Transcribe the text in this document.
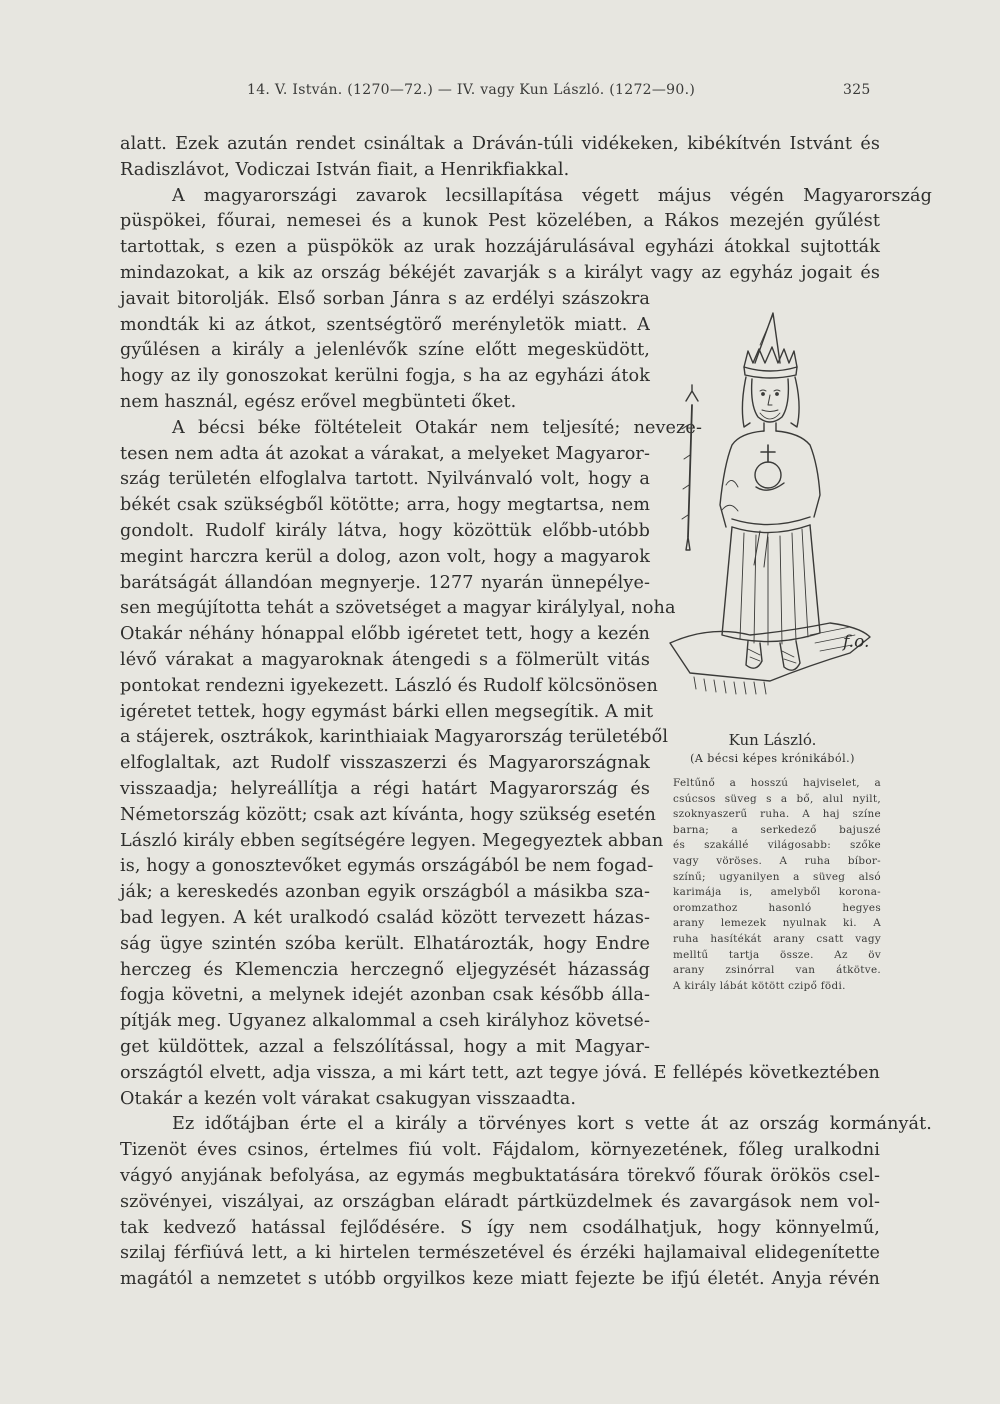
14. V. István. (1270—72.) — IV. vagy Kun László. (1272—90.)	325
alatt. Ezek azután rendet csináltak a Dráván-túli vidékeken, kibékítvén Istvánt és
Radiszlávot, Vodiczai István fiait, a Henrikfiakkal.
A magyarországi zavarok lecsillapítása végett május végén Magyarország
püspökei, főurai, nemesei és a kunok Pest közelében, a Rákos mezején gyűlést
tartottak, s ezen a püspökök az urak hozzájárulásával egyházi átokkal sujtották
mindazokat, a kik az ország békéjét zavarják s a királyt vagy az egyház jogait és
javait bitorolják. Első sorban Jánra s az erdélyi szászokra
mondták ki az átkot, szentségtörő merényletök miatt. A
gyűlésen a király a jelenlévők színe előtt megesküdött,
hogy az ily gonoszokat kerülni fogja, s ha az egyházi átok
nem használ, egész erővel megbünteti őket.
A bécsi béke föltételeit Otakár nem teljesíté; neveze-
tesen nem adta át azokat a várakat, a melyeket Magyaror-
szág területén elfoglalva tartott. Nyilvánvaló volt, hogy a
békét csak szükségből kötötte; arra, hogy megtartsa, nem
gondolt. Rudolf király látva, hogy közöttük előbb-utóbb
megint harczra kerül a dolog, azon volt, hogy a magyarok
barátságát állandóan megnyerje. 1277 nyarán ünnepélye-
sen megújította tehát a szövetséget a magyar királylyal, noha
Otakár néhány hónappal előbb igéretet tett, hogy a kezén
lévő várakat a magyaroknak átengedi s a fölmerült vitás
pontokat rendezni igyekezett. László és Rudolf kölcsönösen
igéretet tettek, hogy egymást bárki ellen megsegítik. A mit
a stájerek, osztrákok, karinthiaiak Magyarország területéből
elfoglaltak, azt Rudolf visszaszerzi és Magyarországnak
visszaadja; helyreállítja a régi határt Magyarország és
Németország között; csak azt kívánta, hogy szükség esetén
László király ebben segítségére legyen. Megegyeztek abban
is, hogy a gonosztevőket egymás országából be nem fogad-
ják; a kereskedés azonban egyik országból a másikba sza-
bad legyen. A két uralkodó család között tervezett házas-
ság ügye szintén szóba került. Elhatározták, hogy Endre
herczeg és Klemenczia herczegnő eljegyzését házasság
fogja követni, a melynek idejét azonban csak később álla-
pítják meg. Ugyanez alkalommal a cseh királyhoz követsé-
get küldöttek, azzal a felszólítással, hogy a mit Magyar-
országtól elvett, adja vissza, a mi kárt tett, azt tegye jóvá. E fellépés következtében
Otakár a kezén volt várakat csakugyan visszaadta.
Ez időtájban érte el a király a törvényes kort s vette át az ország kormányát.
Tizenöt éves csinos, értelmes fiú volt. Fájdalom, környezetének, főleg uralkodni
vágyó anyjának befolyása, az egymás megbuktatására törekvő főurak örökös csel-
szövényei, viszályai, az országban eláradt pártküzdelmek és zavargások nem vol-
tak kedvező hatással fejlődésére. S így nem csodálhatjuk, hogy könnyelmű,
szilaj férfiúvá lett, a ki hirtelen természetével és érzéki hajlamaival elidegenítette
magától a nemzetet s utóbb orgyilkos keze miatt fejezte be ifjú életét. Anyja révén
f.o.
Kun László.
(A bécsi képes krónikából.)
Feltűnő a hosszú hajviselet, a
csúcsos süveg s a bő, alul nyilt,
szoknyaszerű ruha. A haj színe
barna; a serkedező bajuszé
és szakállé világosabb: szőke
vagy vöröses. A ruha bíbor-
színű; ugyanilyen a süveg alsó
karimája is, amelyből korona-
oromzathoz hasonló hegyes
arany lemezek nyulnak ki. A
ruha hasítékát arany csatt vagy
melltű tartja össze. Az öv
arany zsinórral van átkötve.
A király lábát kötött czipő födi.
